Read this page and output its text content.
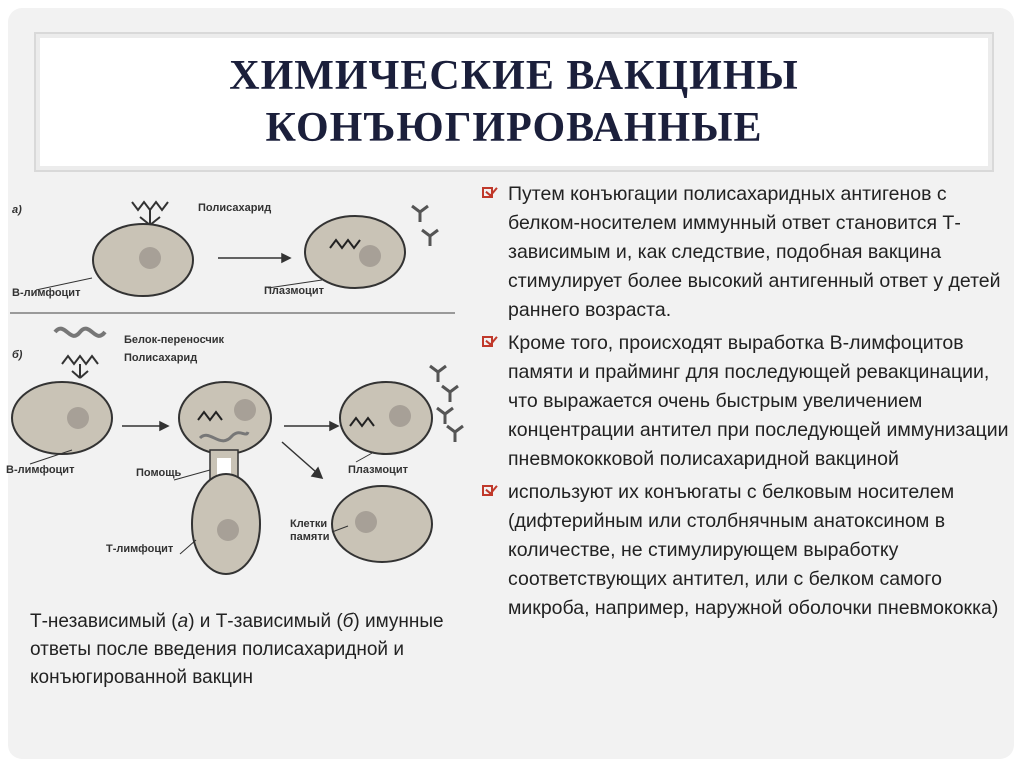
ХИМИЧЕСКИЕ ВАКЦИНЫ
КОНЪЮГИРОВАННЫЕ
а)	Полисахарид
В-лимфоцит	Плазмоцит
б)
Белок-переносчик
Полисахарид
В-лимфоцит	Помощь
Т-лимфоцит
Плазмоцит
Клетки
памяти
Т-независимый (а) и Т-зависимый (б) имунные ответы после введения полисахаридной и конъюгированной вакцин
Путем конъюгации полисахаридных антигенов с белком-носителем иммунный ответ становится Т-зависимым и, как следствие, подобная вакцина стимулирует более высокий антигенный ответ у детей раннего возраста.
Кроме того, происходят выработка В-лимфоцитов памяти и прайминг для последующей ревакцинации, что выражается очень быстрым увеличением концентрации антител при последующей иммунизации пневмококковой полисахаридной вакциной
используют их конъюгаты с белковым носителем (дифтерийным или столбнячным анатоксином в количестве, не стимулирующем выработку соответствующих антител, или с белком самого микроба, например, наружной оболочки пневмококка)
